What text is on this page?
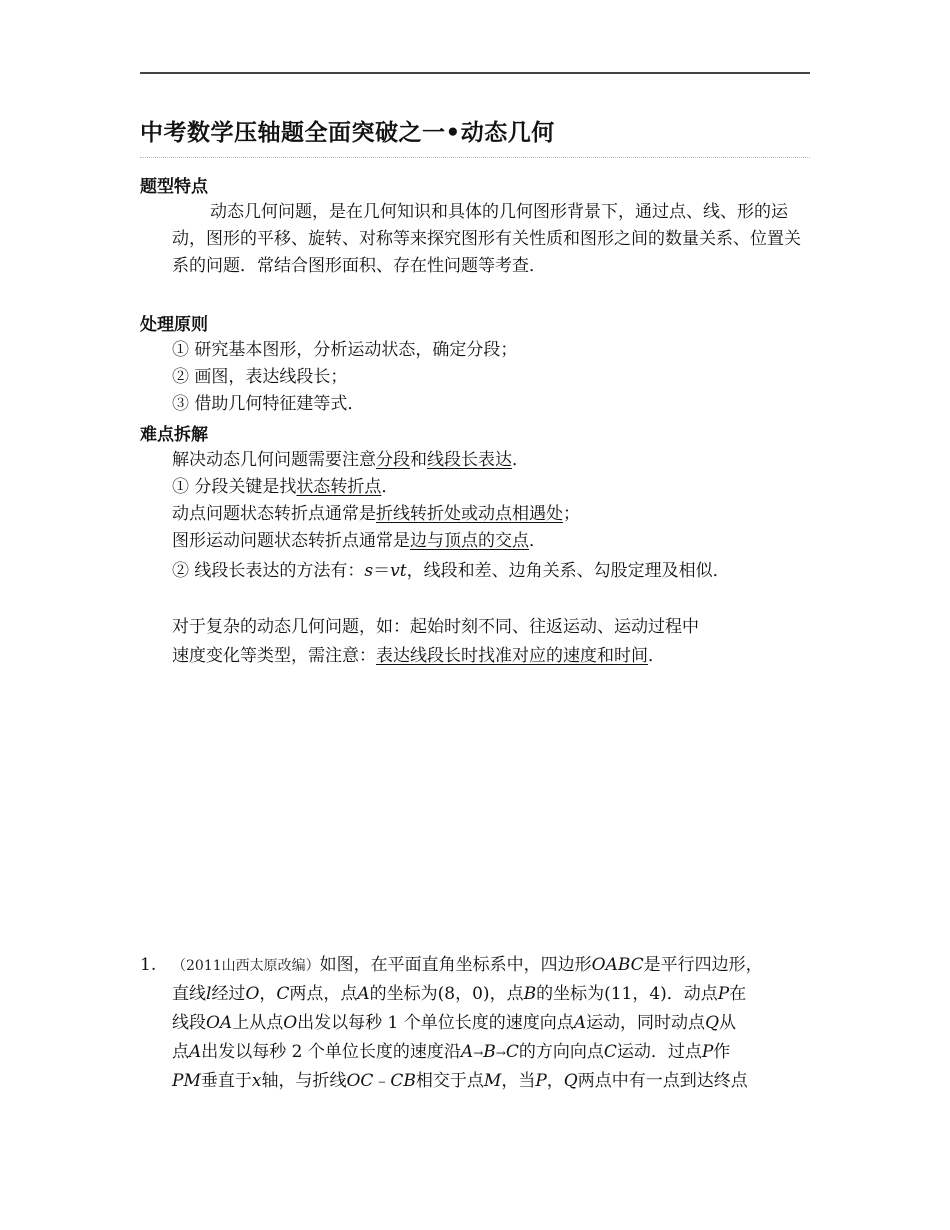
中考数学压轴题全面突破之一•动态几何
题型特点

动态几何问题，是在几何知识和具体的几何图形背景下，通过点、线、形的运动，图形的平移、旋转、对称等来探究图形有关性质和图形之间的数量关系、位置关系的问题．常结合图形面积、存在性问题等考查．

处理原则

① 研究基本图形，分析运动状态，确定分段；

② 画图，表达线段长；

③ 借助几何特征建等式．

难点拆解

解决动态几何问题需要注意分段和线段长表达．

① 分段关键是找状态转折点．

动点问题状态转折点通常是折线转折处或动点相遇处；

图形运动问题状态转折点通常是边与顶点的交点．

② 线段长表达的方法有：s＝vt，线段和差、边角关系、勾股定理及相似．

对于复杂的动态几何问题，如：起始时刻不同、往返运动、运动过程中

速度变化等类型，需注意：表达线段长时找准对应的速度和时间．

1. （2011山西太原改编）如图，在平面直角坐标系中，四边形OABC是平行四边形，

直线l经过O，C两点，点A的坐标为(8，0)，点B的坐标为(11，4)．动点P在

线段OA上从点O出发以每秒 1 个单位长度的速度向点A运动，同时动点Q从

点A出发以每秒 2 个单位长度的速度沿A→B→C的方向向点C运动．过点P作

PM垂直于x轴，与折线OC﹣CB相交于点M，当P，Q两点中有一点到达终点
